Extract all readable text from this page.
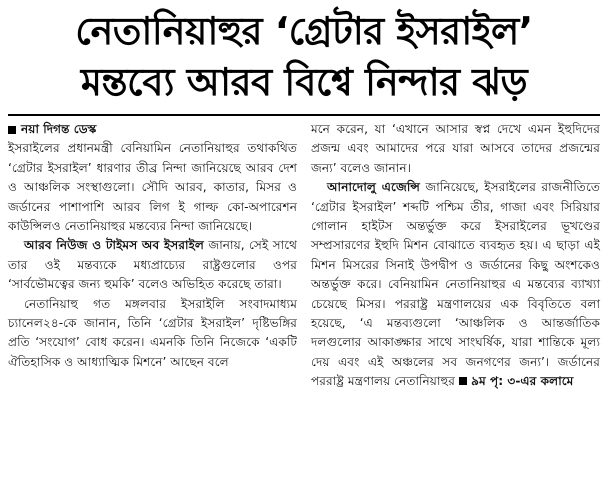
নেতানিয়াহুর ‘গ্রেটার ইসরাইল’
মন্তব্যে আরব বিশ্বে নিন্দার ঝড়
নয়া দিগন্ত ডেস্ক

ইসরাইলের প্রধানমন্ত্রী বেনিয়ামিন নেতানিয়াহুর তথাকথিত ‘গ্রেটার ইসরাইল’ ধারণার তীব্র নিন্দা জানিয়েছে আরব দেশ ও আঞ্চলিক সংস্থাগুলো। সৌদি আরব, কাতার, মিসর ও জর্ডানের পাশাপাশি আরব লিগ ই গাল্ফ কো-অপারেশন কাউন্সিলও নেতানিয়াহুর মন্তব্যের নিন্দা জানিয়েছে।

আরব নিউজ ও টাইমস অব ইসরাইল জানায়, সেই সাথে তার ওই মন্তব্যকে মধ্যপ্রাচ্যের রাষ্ট্রগুলোর ওপর ‘সার্বভৌমত্বের জন্য হুমকি’ বলেও অভিহিত করেছে তারা।

নেতানিয়াহু গত মঙ্গলবার ইসরাইলি সংবাদমাধ্যম চ্যানেল২৪-কে জানান, তিনি ‘গ্রেটার ইসরাইল’ দৃষ্টিভঙ্গির প্রতি ‘সংযোগ’ বোধ করেন। এমনকি তিনি নিজেকে ‘একটি ঐতিহাসিক ও আধ্যাত্মিক মিশনে’ আছেন বলে

মনে করেন, যা ‘এখানে আসার স্বপ্ন দেখে এমন ইহুদিদের প্রজন্ম এবং আমাদের পরে যারা আসবে তাদের প্রজন্মের জন্য’ বলেও জানান।

আনাদোলু এজেন্সি জানিয়েছে, ইসরাইলের রাজনীতিতে ‘গ্রেটার ইসরাইল’ শব্দটি পশ্চিম তীর, গাজা এবং সিরিয়ার গোলান হাইটস অন্তর্ভুক্ত করে ইসরাইলের ভূখণ্ডের সম্প্রসারণের ইহুদি মিশন বোঝাতে ব্যবহৃত হয়। এ ছাড়া এই মিশন মিসরের সিনাই উপদ্বীপ ও জর্ডানের কিছু অংশকেও অন্তর্ভুক্ত করে। বেনিয়ামিন নেতানিয়াহুর এ মন্তব্যের ব্যাখ্যা চেয়েছে মিসর। পররাষ্ট্র মন্ত্রণালয়ের এক বিবৃতিতে বলা হয়েছে, ‘এ মন্তব্যগুলো ‘আঞ্চলিক ও আন্তর্জাতিক দলগুলোর আকাঙ্ক্ষার সাথে সাংঘর্ষিক, যারা শান্তিকে মূল্য দেয় এবং এই অঞ্চলের সব জনগণের জন্য’। জর্ডানের পররাষ্ট্র মন্ত্রণালয় নেতানিয়াহুর ৯ম পৃ: ৩-এর কলামে
